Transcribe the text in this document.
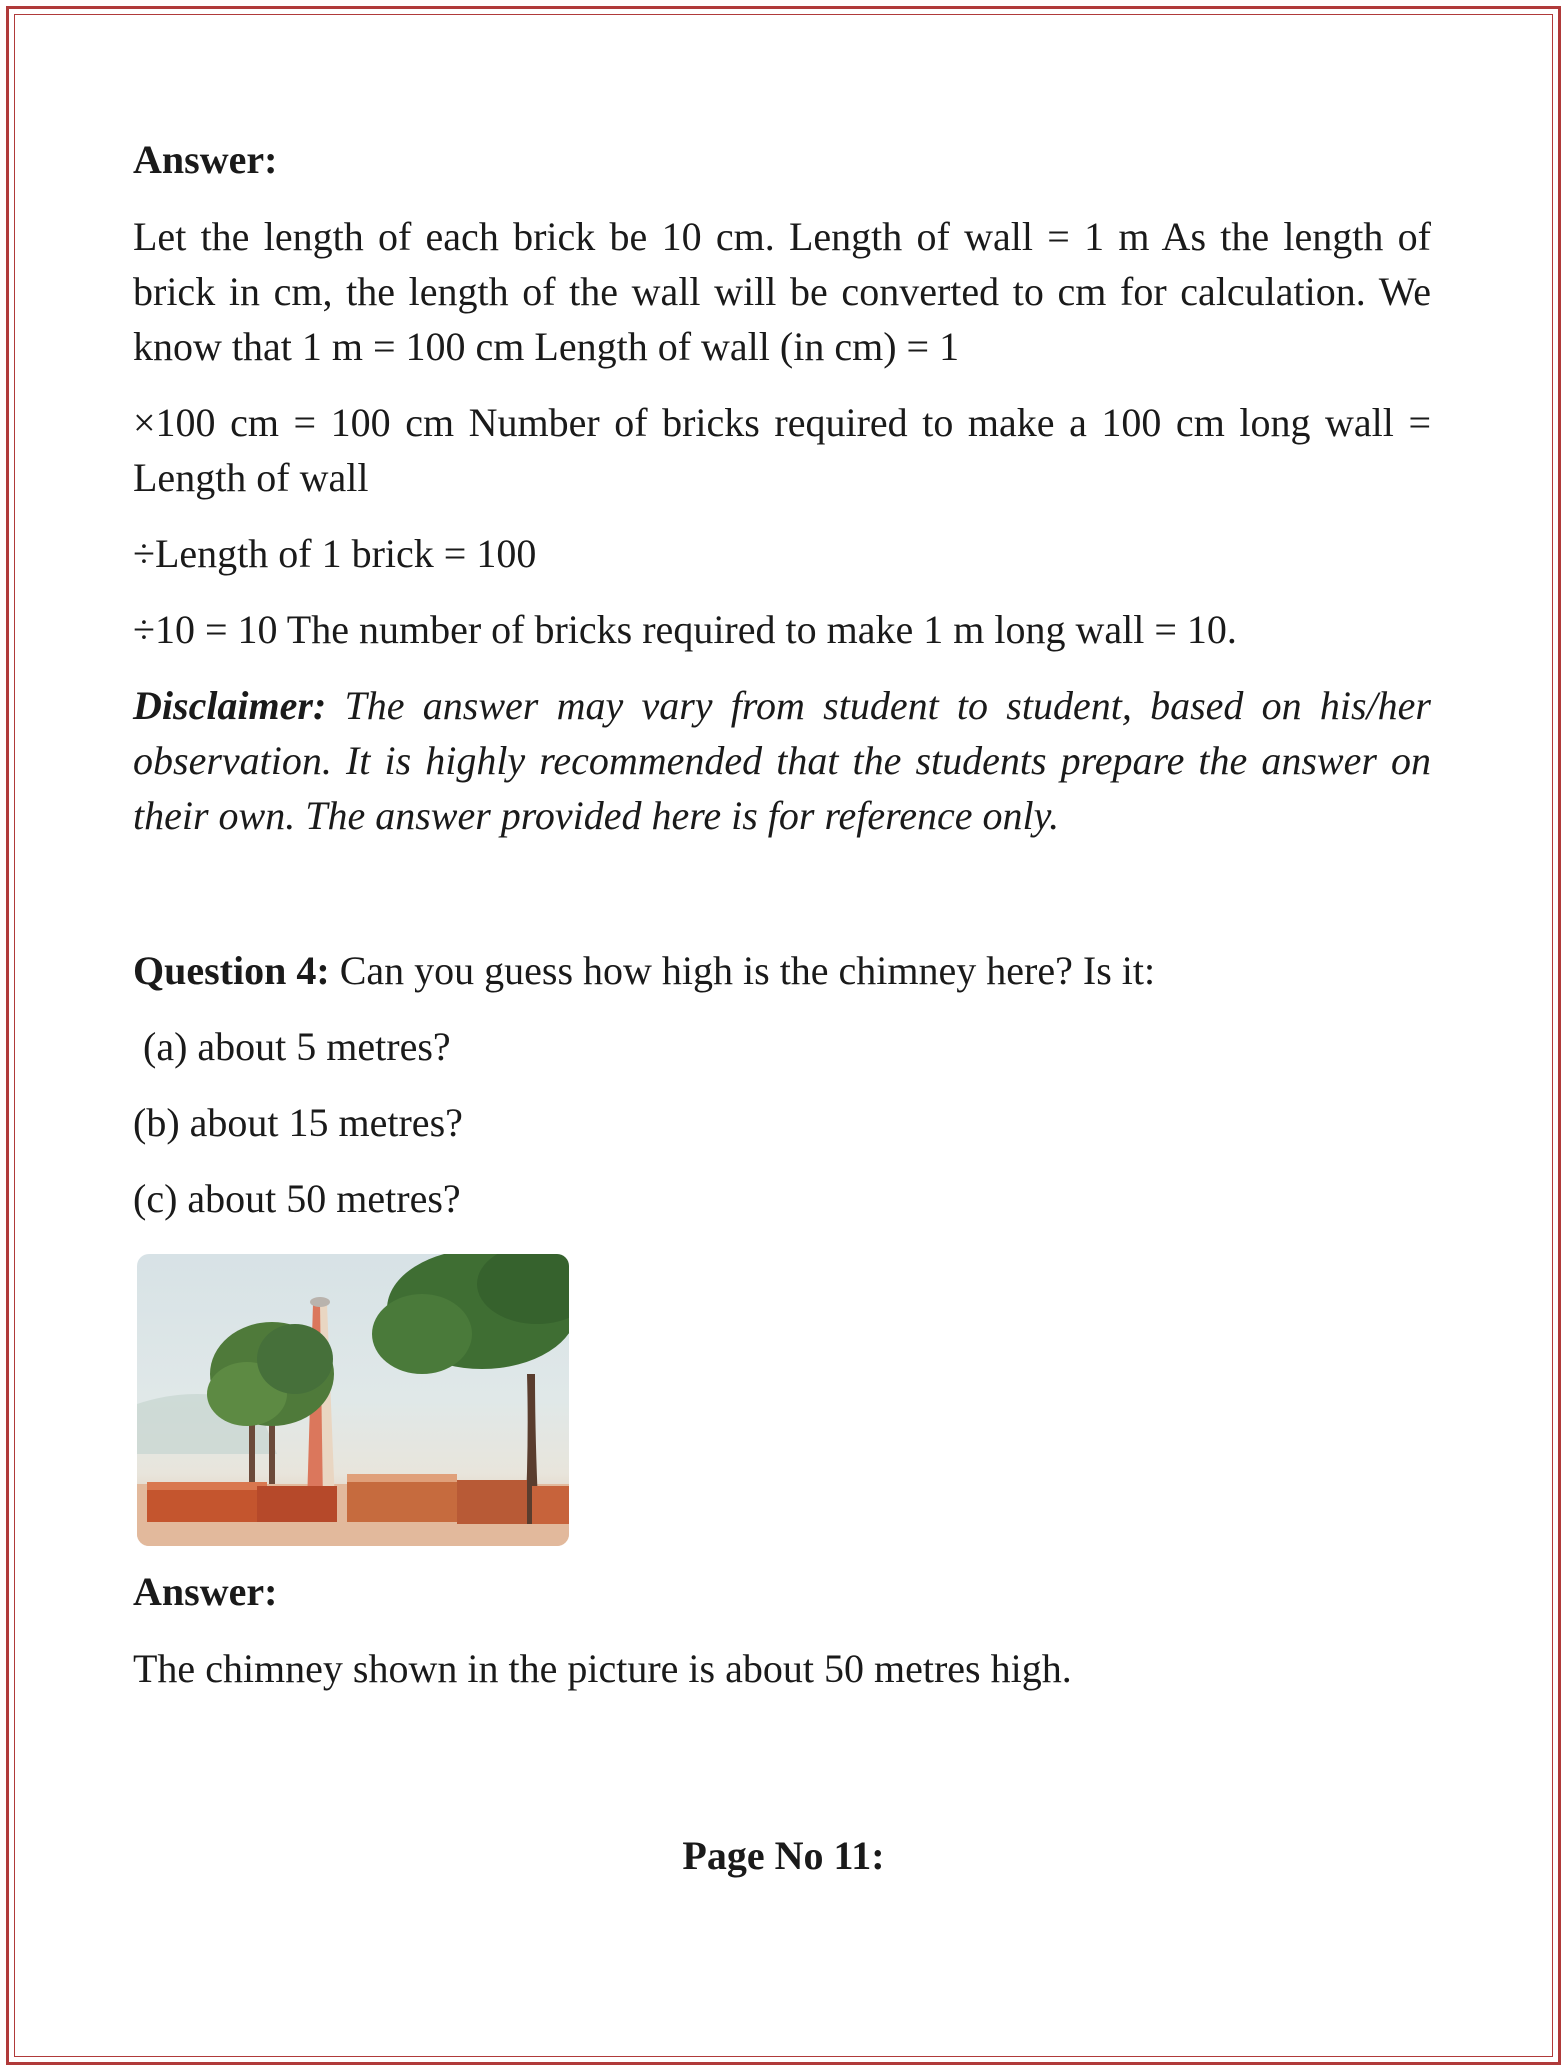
Answer:

Let the length of each brick be 10 cm. Length of wall = 1 m As the length of brick in cm, the length of the wall will be converted to cm for calculation. We know that 1 m = 100 cm Length of wall (in cm) = 1

×100 cm = 100 cm Number of bricks required to make a 100 cm long wall = Length of wall

÷Length of 1 brick = 100

÷10 = 10 The number of bricks required to make 1 m long wall = 10.

Disclaimer: The answer may vary from student to student, based on his/her observation. It is highly recommended that the students prepare the answer on their own. The answer provided here is for reference only.

Question 4: Can you guess how high is the chimney here? Is it:

(a) about 5 metres?

(b) about 15 metres?

(c) about 50 metres?

Answer:

The chimney shown in the picture is about 50 metres high.

Page No 11:
